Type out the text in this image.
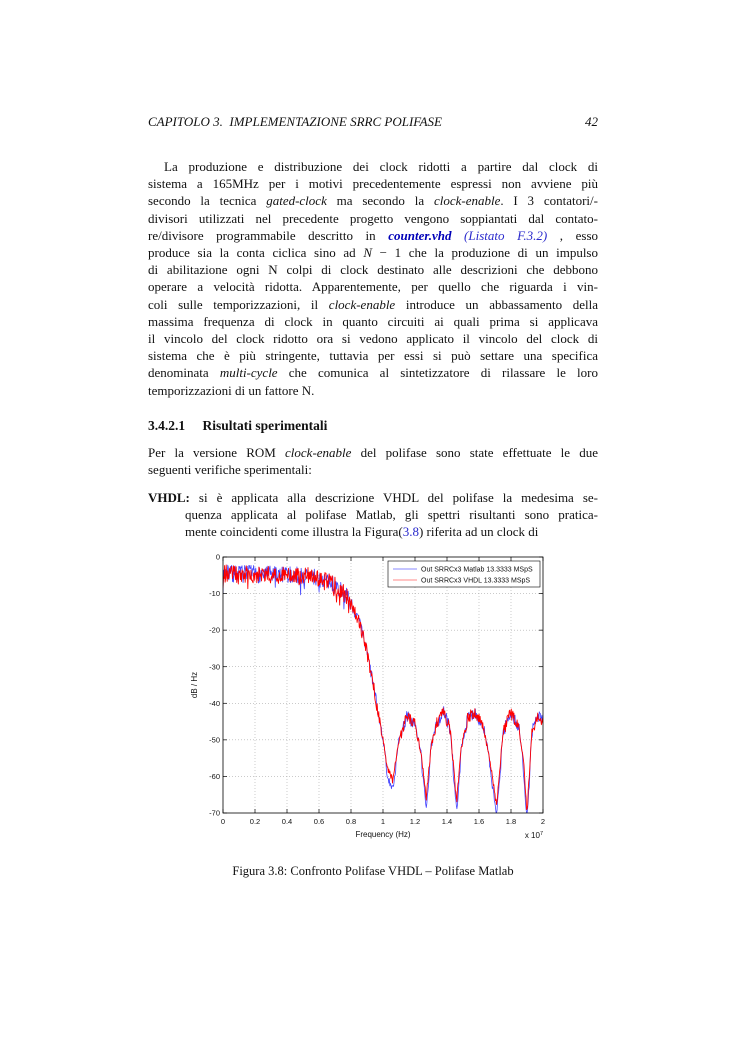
CAPITOLO 3.  IMPLEMENTAZIONE SRRC POLIFASE	42
La produzione e distribuzione dei clock ridotti a partire dal clock di
sistema a 165MHz per i motivi precedentemente espressi non avviene più
secondo la tecnica gated-clock ma secondo la clock-enable. I 3 contatori/-
divisori utilizzati nel precedente progetto vengono soppiantati dal contato-
re/divisore programmabile descritto in counter.vhd (Listato F.3.2) , esso
produce sia la conta ciclica sino ad N − 1 che la produzione di un impulso
di abilitazione ogni N colpi di clock destinato alle descrizioni che debbono
operare a velocità ridotta. Apparentemente, per quello che riguarda i vin-
coli sulle temporizzazioni, il clock-enable introduce un abbassamento della
massima frequenza di clock in quanto circuiti ai quali prima si applicava
il vincolo del clock ridotto ora si vedono applicato il vincolo del clock di
sistema che è più stringente, tuttavia per essi si può settare una specifica
denominata multi-cycle che comunica al sintetizzatore di rilassare le loro
temporizzazioni di un fattore N.
3.4.2.1 Risultati sperimentali
Per la versione ROM clock-enable del polifase sono state effettuate le due
seguenti verifiche sperimentali:
VHDL: si è applicata alla descrizione VHDL del polifase la medesima se-
quenza applicata al polifase Matlab, gli spettri risultanti sono pratica-
mente coincidenti come illustra la Figura(3.8) riferita ad un clock di
0	0.2	0.4	0.6	0.8	1	1.2	1.4	1.6	1.8	2
0
-10
-20
-30
-40
-50
-60
-70
Frequency (Hz)	x $10^7$
dB / Hz
Out SRRCx3 Matlab 13.3333 MSpS
Out SRRCx3 VHDL 13.3333 MSpS
Figura 3.8: Confronto Polifase VHDL – Polifase Matlab
